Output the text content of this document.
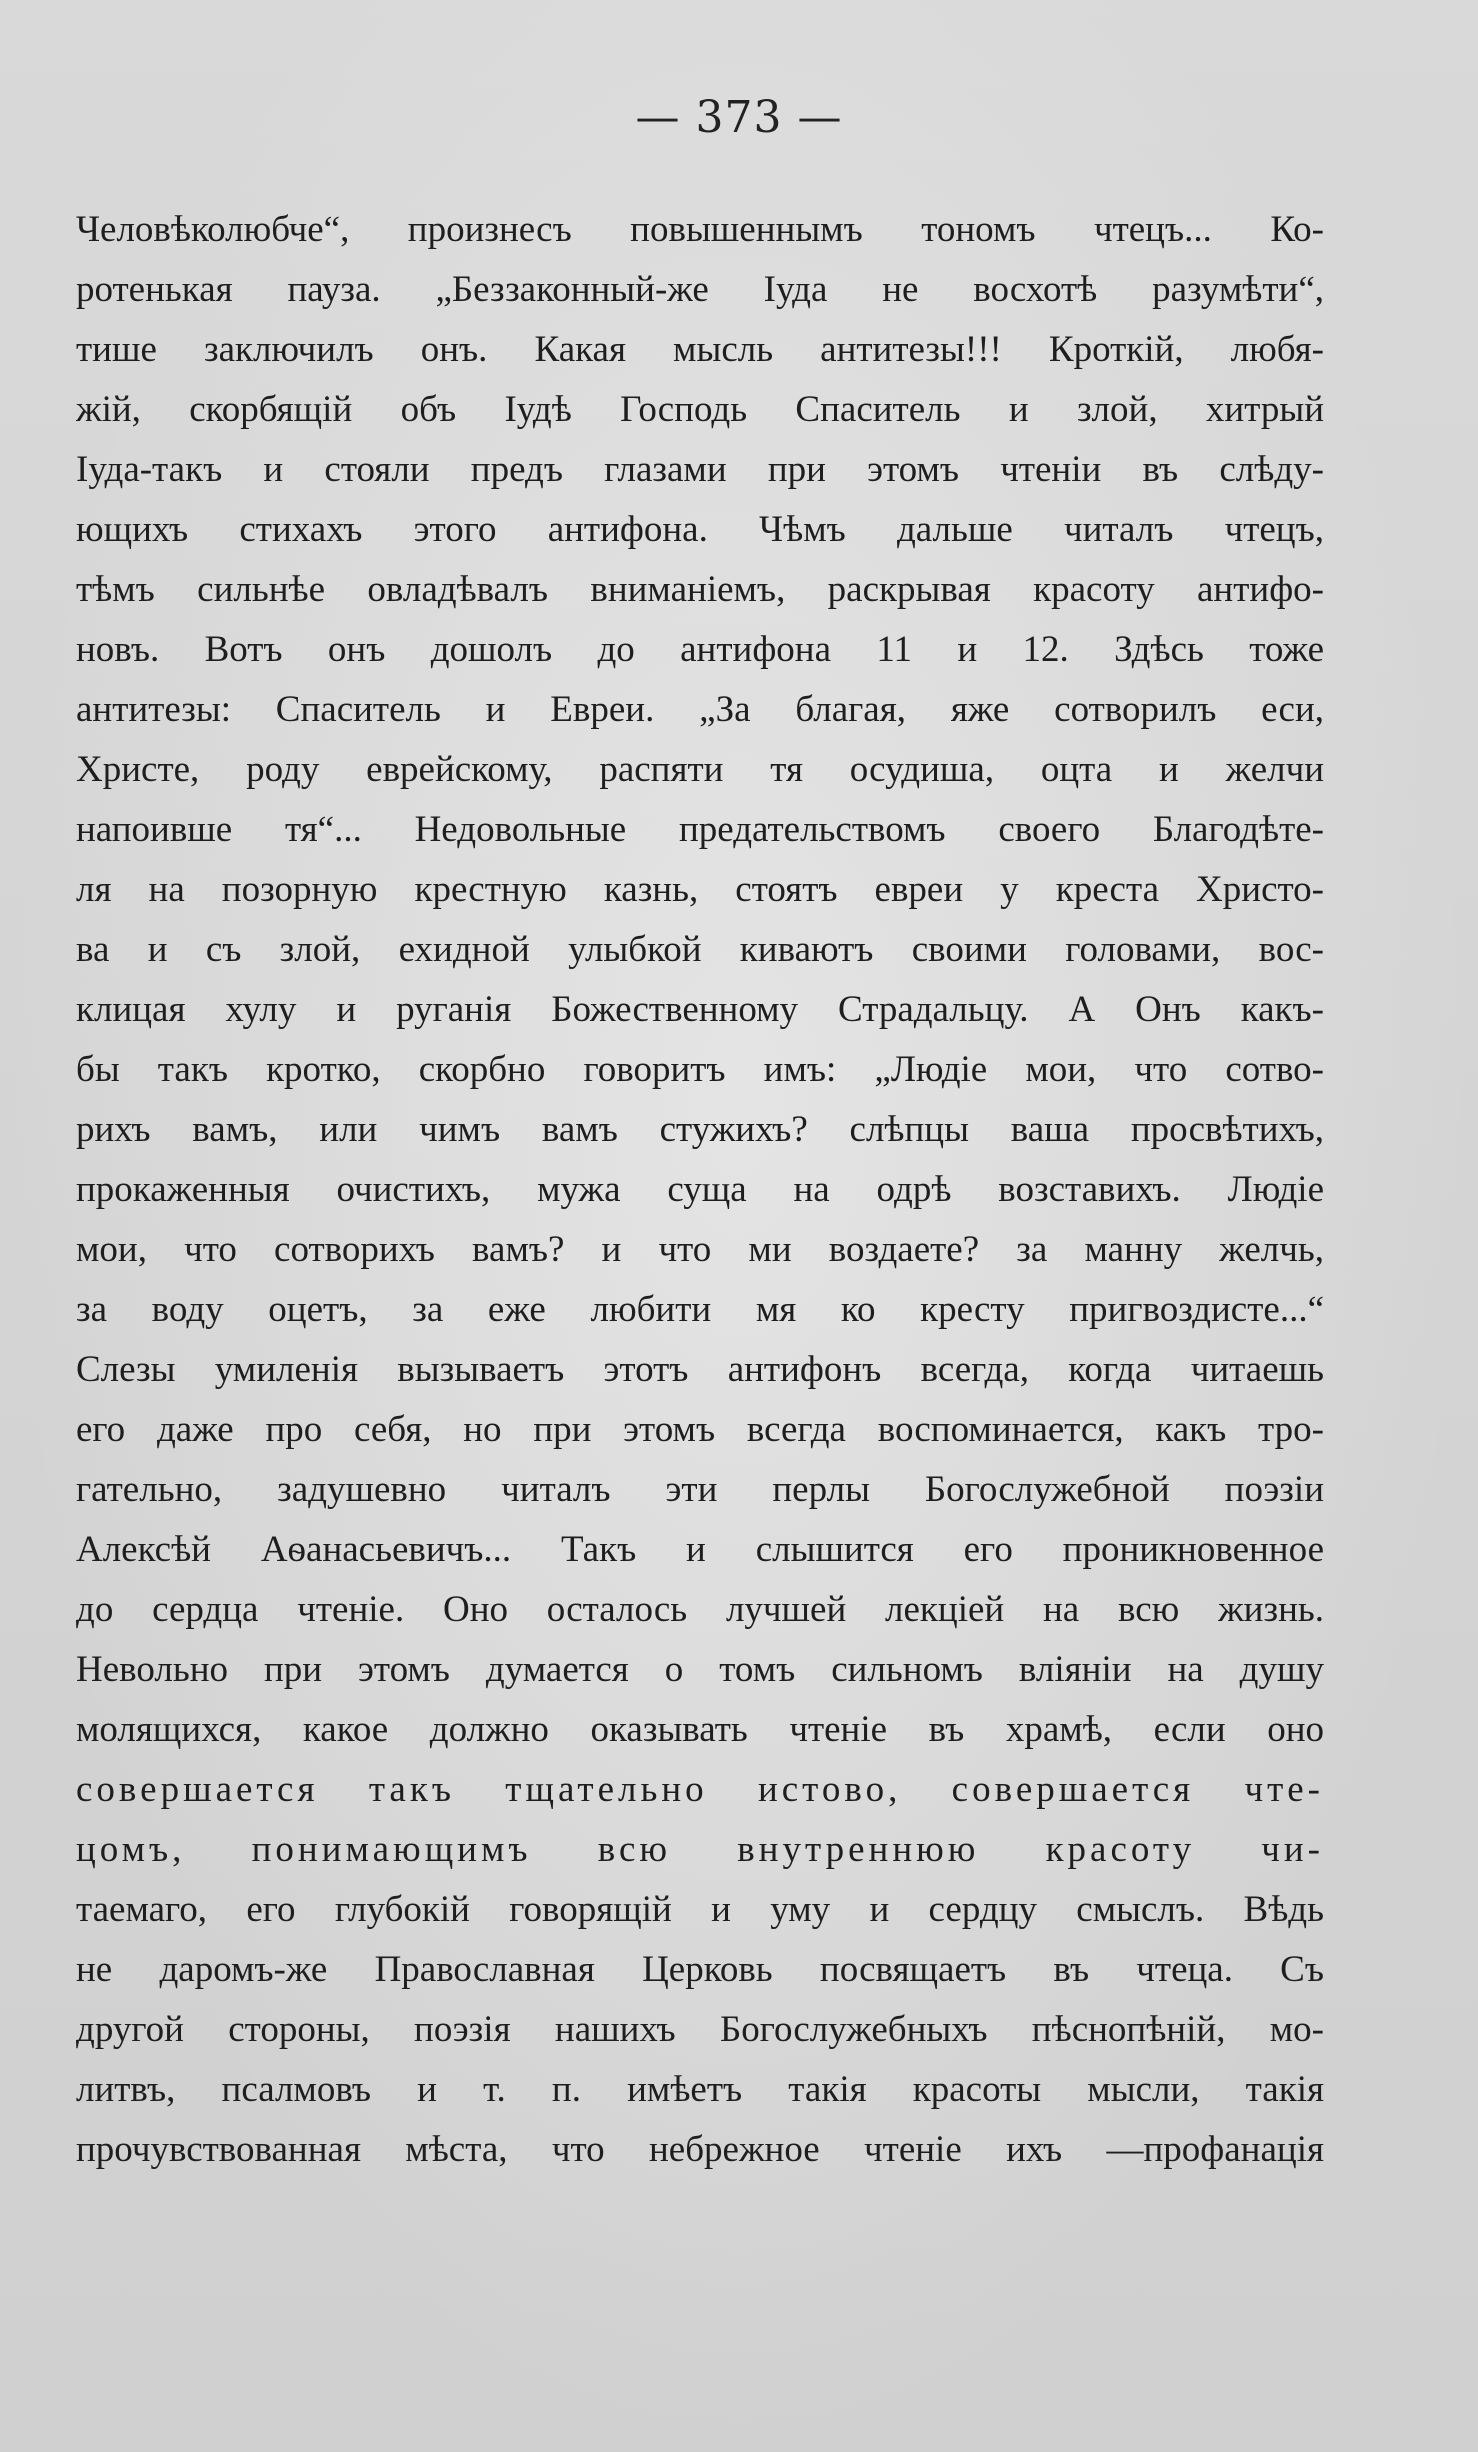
— 373 —
Человѣколюбче“, произнесъ повышеннымъ тономъ чтецъ... Ко-
ротенькая пауза. „Беззаконный-же Іуда не восхотѣ разумѣти“,
тише заключилъ онъ. Какая мысль антитезы!!! Кроткій, любя-
жій, скорбящій объ Іудѣ Господь Спаситель и злой, хитрый
Іуда-такъ и стояли предъ глазами при этомъ чтеніи въ слѣду-
ющихъ стихахъ этого антифона. Чѣмъ дальше читалъ чтецъ,
тѣмъ сильнѣе овладѣвалъ вниманіемъ, раскрывая красоту антифо-
новъ. Вотъ онъ дошолъ до антифона 11 и 12. Здѣсь тоже
антитезы: Спаситель и Евреи. „За благая, яже сотворилъ еси,
Христе, роду еврейскому, распяти тя осудиша, оцта и желчи
напоивше тя“... Недовольные предательствомъ своего Благодѣте-
ля на позорную крестную казнь, стоятъ евреи у креста Христо-
ва и съ злой, ехидной улыбкой киваютъ своими головами, вос-
клицая хулу и руганія Божественному Страдальцу. А Онъ какъ-
бы такъ кротко, скорбно говоритъ имъ: „Людіе мои, что сотво-
рихъ вамъ, или чимъ вамъ стужихъ? слѣпцы ваша просвѣтихъ,
прокаженныя очистихъ, мужа суща на одрѣ возставихъ. Людіе
мои, что сотворихъ вамъ? и что ми воздаете? за манну желчь,
за воду оцетъ, за еже любити мя ко кресту пригвоздисте...“
Слезы умиленія вызываетъ этотъ антифонъ всегда, когда читаешь
его даже про себя, но при этомъ всегда воспоминается, какъ тро-
гательно, задушевно читалъ эти перлы Богослужебной поэзіи
Алексѣй Аѳанасьевичъ... Такъ и слышится его проникновенное
до сердца чтеніе. Оно осталось лучшей лекціей на всю жизнь.
Невольно при этомъ думается о томъ сильномъ вліяніи на душу
молящихся, какое должно оказывать чтеніе въ храмѣ, если оно
совершается такъ тщательно истово, совершается чте-
цомъ, понимающимъ всю внутреннюю красоту чи-
таемаго, его глубокій говорящій и уму и сердцу смыслъ. Вѣдь
не даромъ-же Православная Церковь посвящаетъ въ чтеца. Съ
другой стороны, поэзія нашихъ Богослужебныхъ пѣснопѣній, мо-
литвъ, псалмовъ и т. п. имѣетъ такія красоты мысли, такія
прочувствованная мѣста, что небрежное чтеніе ихъ —профанація
